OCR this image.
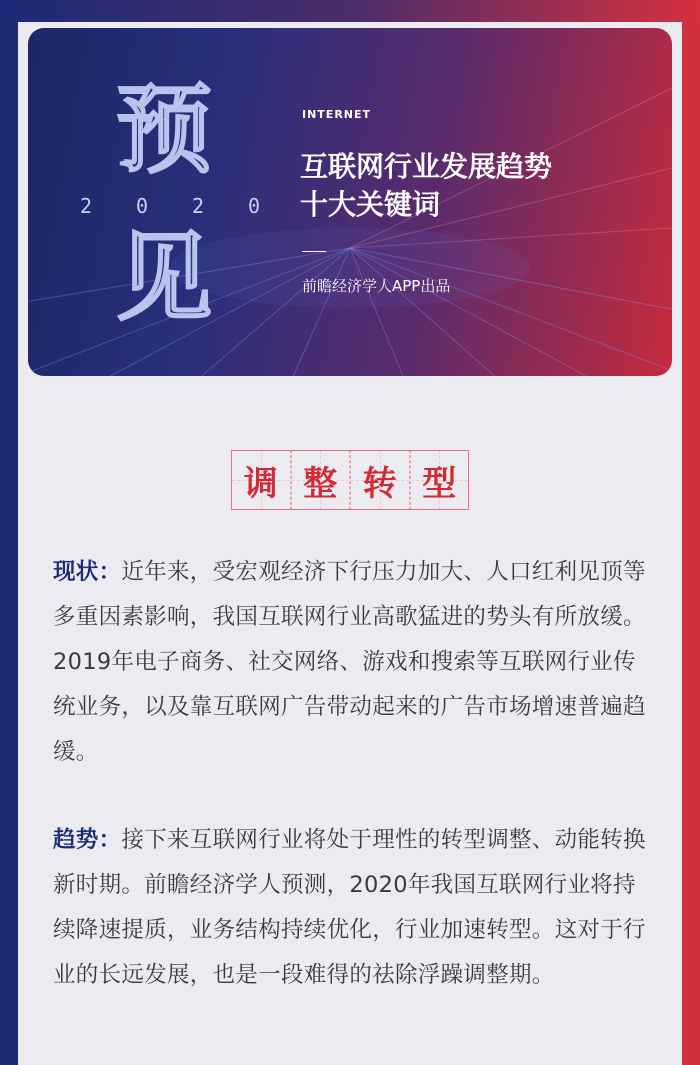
预
2 0 2 0
见
INTERNET
互联网行业发展趋势
十大关键词
前瞻经济学人APP出品
调 整 转 型
现状：近年来，受宏观经济下行压力加大、人口红利见顶等多重因素影响，我国互联网行业高歌猛进的势头有所放缓。2019年电子商务、社交网络、游戏和搜索等互联网行业传统业务，以及靠互联网广告带动起来的广告市场增速普遍趋缓。
趋势：接下来互联网行业将处于理性的转型调整、动能转换新时期。前瞻经济学人预测，2020年我国互联网行业将持续降速提质，业务结构持续优化，行业加速转型。这对于行业的长远发展，也是一段难得的祛除浮躁调整期。
